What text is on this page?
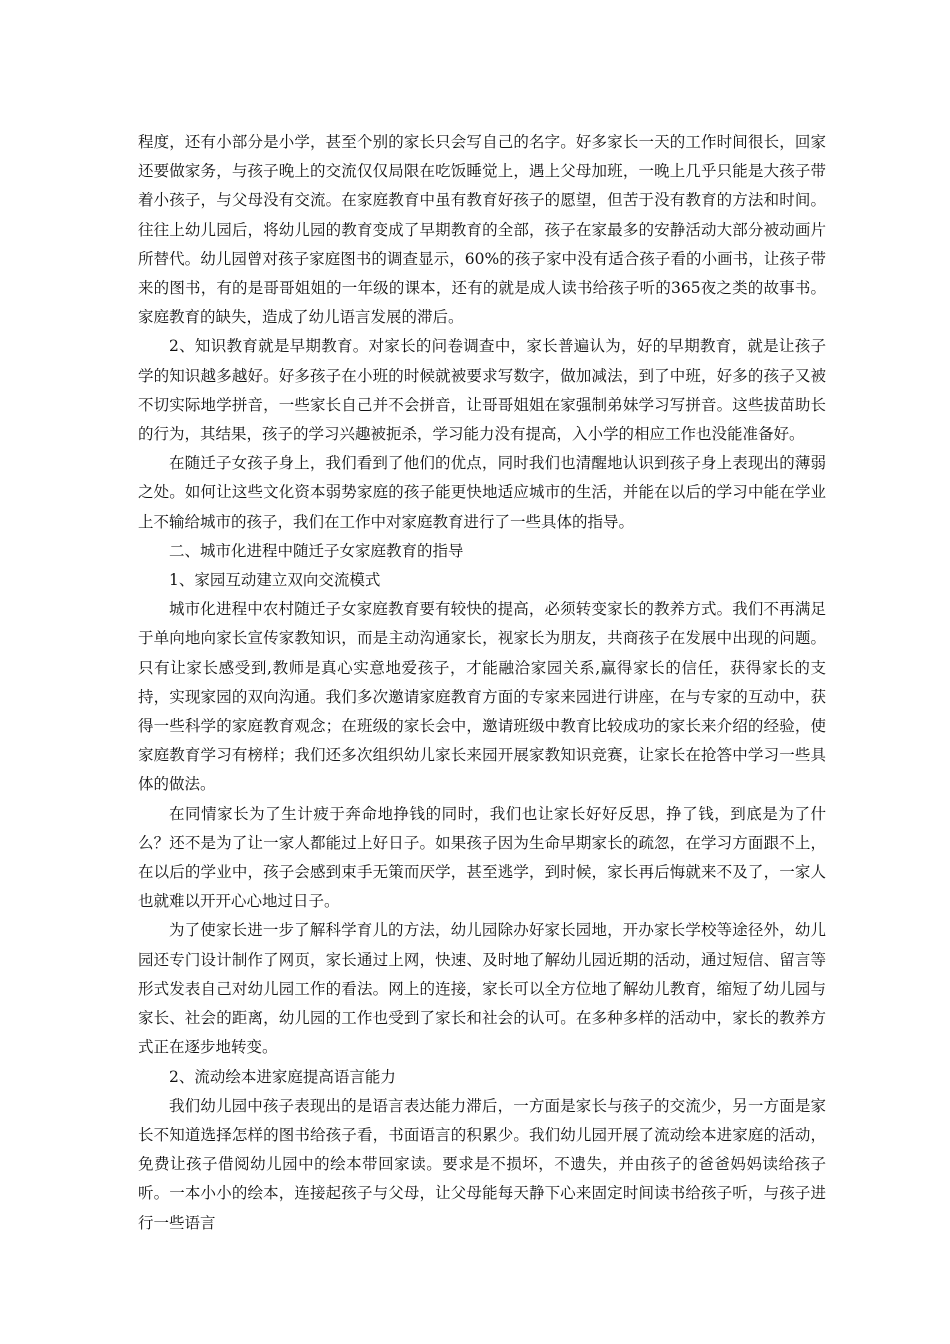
程度，还有小部分是小学，甚至个别的家长只会写自己的名字。好多家长一天的工作时间很长，回家还要做家务，与孩子晚上的交流仅仅局限在吃饭睡觉上，遇上父母加班，一晚上几乎只能是大孩子带着小孩子，与父母没有交流。在家庭教育中虽有教育好孩子的愿望，但苦于没有教育的方法和时间。往往上幼儿园后，将幼儿园的教育变成了早期教育的全部，孩子在家最多的安静活动大部分被动画片所替代。幼儿园曾对孩子家庭图书的调查显示，60%的孩子家中没有适合孩子看的小画书，让孩子带来的图书，有的是哥哥姐姐的一年级的课本，还有的就是成人读书给孩子听的365夜之类的故事书。家庭教育的缺失，造成了幼儿语言发展的滞后。

2、知识教育就是早期教育。对家长的问卷调查中，家长普遍认为，好的早期教育，就是让孩子学的知识越多越好。好多孩子在小班的时候就被要求写数字，做加减法，到了中班，好多的孩子又被不切实际地学拼音，一些家长自己并不会拼音，让哥哥姐姐在家强制弟妹学习写拼音。这些拔苗助长的行为，其结果，孩子的学习兴趣被扼杀，学习能力没有提高，入小学的相应工作也没能准备好。

在随迁子女孩子身上，我们看到了他们的优点，同时我们也清醒地认识到孩子身上表现出的薄弱之处。如何让这些文化资本弱势家庭的孩子能更快地适应城市的生活，并能在以后的学习中能在学业上不输给城市的孩子，我们在工作中对家庭教育进行了一些具体的指导。

二、城市化进程中随迁子女家庭教育的指导

1、家园互动建立双向交流模式

城市化进程中农村随迁子女家庭教育要有较快的提高，必须转变家长的教养方式。我们不再满足于单向地向家长宣传家教知识，而是主动沟通家长，视家长为朋友，共商孩子在发展中出现的问题。只有让家长感受到,教师是真心实意地爱孩子，才能融洽家园关系,赢得家长的信任，获得家长的支持，实现家园的双向沟通。我们多次邀请家庭教育方面的专家来园进行讲座，在与专家的互动中，获得一些科学的家庭教育观念；在班级的家长会中，邀请班级中教育比较成功的家长来介绍的经验，使家庭教育学习有榜样；我们还多次组织幼儿家长来园开展家教知识竞赛，让家长在抢答中学习一些具体的做法。

在同情家长为了生计疲于奔命地挣钱的同时，我们也让家长好好反思，挣了钱，到底是为了什么？还不是为了让一家人都能过上好日子。如果孩子因为生命早期家长的疏忽，在学习方面跟不上，在以后的学业中，孩子会感到束手无策而厌学，甚至逃学，到时候，家长再后悔就来不及了，一家人也就难以开开心心地过日子。

为了使家长进一步了解科学育儿的方法，幼儿园除办好家长园地，开办家长学校等途径外，幼儿园还专门设计制作了网页，家长通过上网，快速、及时地了解幼儿园近期的活动，通过短信、留言等形式发表自己对幼儿园工作的看法。网上的连接，家长可以全方位地了解幼儿教育，缩短了幼儿园与家长、社会的距离，幼儿园的工作也受到了家长和社会的认可。在多种多样的活动中，家长的教养方式正在逐步地转变。

2、流动绘本进家庭提高语言能力

我们幼儿园中孩子表现出的是语言表达能力滞后，一方面是家长与孩子的交流少，另一方面是家长不知道选择怎样的图书给孩子看，书面语言的积累少。我们幼儿园开展了流动绘本进家庭的活动，免费让孩子借阅幼儿园中的绘本带回家读。要求是不损坏，不遗失，并由孩子的爸爸妈妈读给孩子听。一本小小的绘本，连接起孩子与父母，让父母能每天静下心来固定时间读书给孩子听，与孩子进行一些语言
